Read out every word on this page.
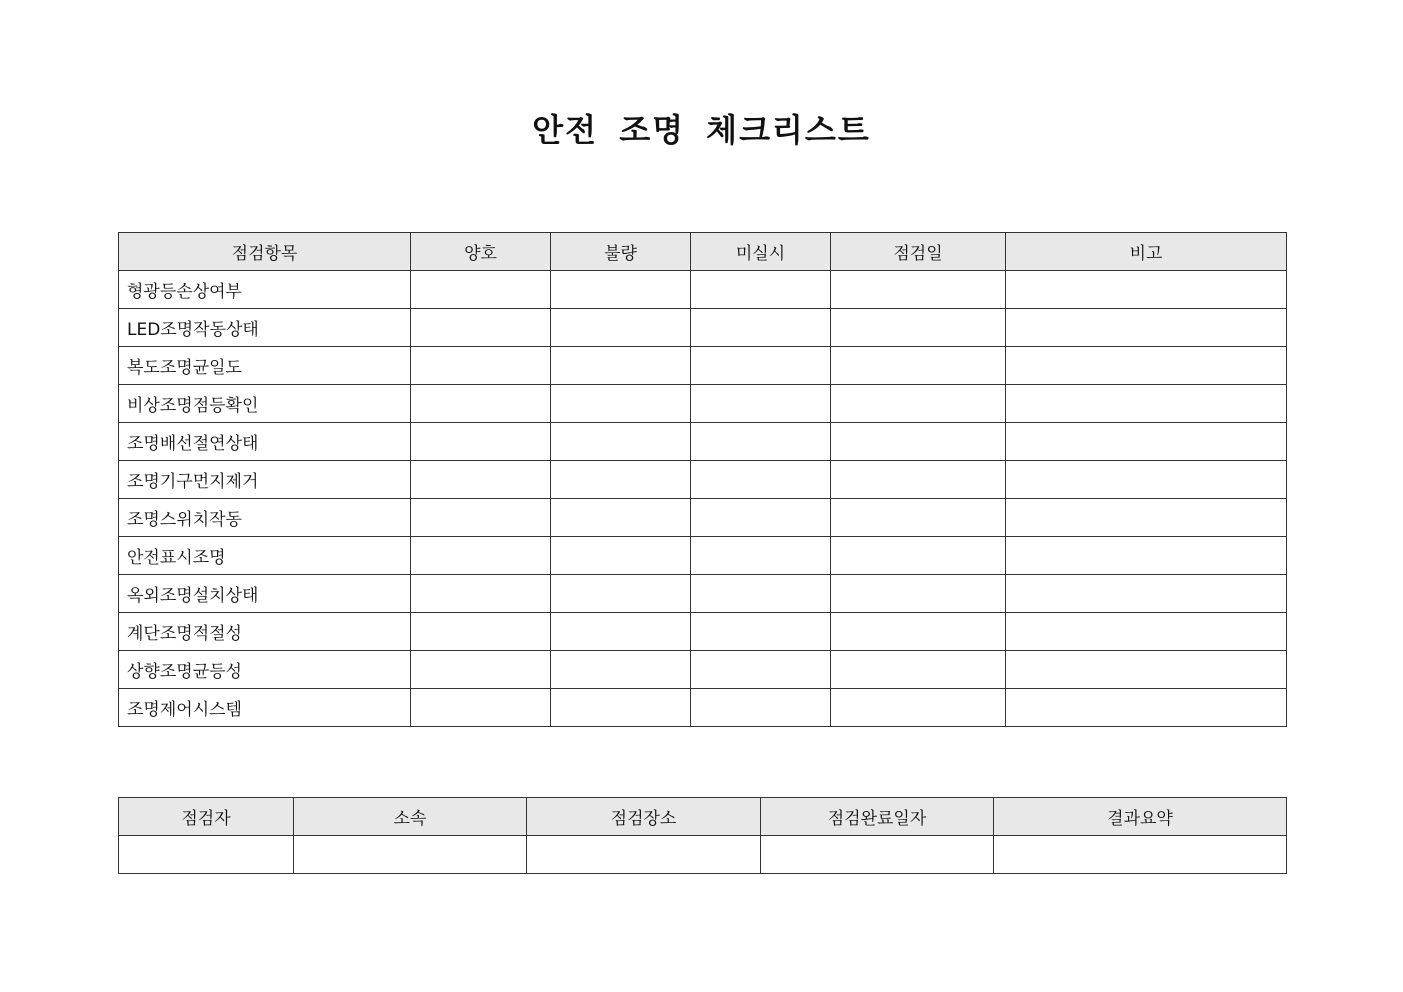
안전 조명 체크리스트
점검항목	양호	불량	미실시	점검일	비고
형광등손상여부					
LED조명작동상태					
복도조명균일도					
비상조명점등확인					
조명배선절연상태					
조명기구먼지제거					
조명스위치작동					
안전표시조명					
옥외조명설치상태					
계단조명적절성					
상향조명균등성					
조명제어시스템					
점검자	소속	점검장소	점검완료일자	결과요약
